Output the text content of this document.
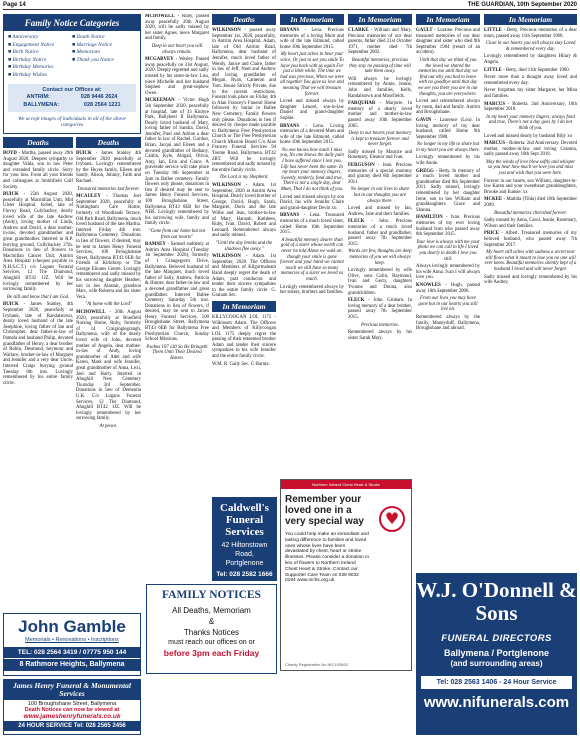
Page 14	THE GUARDIAN, 10th September 2020
Family Notice Categories
■ Anniversary
■ Engagement Notice
■ Birth Notice
■ Birthday Notice
■ Birthday Memories
■ Birthday Wishes
■ Death Notice
■ Marriage Notice
■ Memoriam
■ Thank you Notice
Contact our Offices at:
ANTRIM:	028 9446 2624
BALLYMENA:	028 2564 1221
We accept images of individuals in all of the above categories
Deaths

BOYD - Martha, passed away 29th August 2020. Deepest sympathy to daughter Valda, son in law Peter and extended family circle. Sorry for your loss. From all your friends and colleagues at Smithfield Golf Society.

BUICK - 25th August 2020, peacefully at Macmillan Unit, Mid Ulster Hospital, Isobel, late of Finvoy Road, Culybackey, dearly loved wife of the late Andrew (Andy), loving mother of Linda, Andrew and David, a dear mother-in-law, devoted grandmother and great grandmother. Interred in R.P. burying ground, Cullybackey 27th. Donations in lieu of flowers to Macmillan Cancer Unit, Antrim Area Hospital (cheques payable to N.H.S.C.T.) c/o Logans Funeral Services, 12 The Diamond, Ahoghill BT42 1JZ. Will be lovingly remembered by her sorrowing family.

Be still and know that I am God.

BUICK - James Stanley, 4th September 2020, peacefully at Ivybank, late of Randalstown, dearly loved husband of the late Josephine, loving father of Ian and Christopher, dear father-in-law of Pamela and husband Philip, devoted grandfather of Henry, a dear brother of Robin, Desmond, Seymour and Wallace, brother-in-law of Margaret and Jennifer and a very dear Uncle. Interred Craigs burying ground Tuesday 8th inst. Lovingly remembered by his entire family circle.

Deaths

BUICK - James Stanley 4th September 2020 peacefully at Ivybank. Lovingly remembered by the Hoyes family, Eileen and Sandy, Alison, Johnny, Faith and Rachael.

Treasured memories last forever.

MCAULEY - Thomas Joel September 2020, peacefully at Nottingham Care Home, formerly of Woodlands Terrace, Old Park Road, Ballymena, much loved husband of the late Martha. Interred Friday 4th inst. Ballymena Cemetery. Donations in lieu of flowers, if desired, may be sent to James Henry Funeral Services, 100 Broughshane Street, Ballymena BT43 6EB for Friends of Kirkthorp or The George Eliones Centre. Lovingly remembered and sadly missed by his sorrowing daughter Heather, son in law Alastair, grandson Marc, wife Roberta and his sister Vera.

"At home with the Lord"

MCDOWELL - 20th August 2020, peacefully at Braefield Nursing Home, Ruby, formerly of 14 Craiginglegrangh, Ballymena, wife of the dearly loved wife of John, devoted mother of Angela, dear mother-in-law of Andy, loving grandmother of Adel and wife Karen, Mark and wife Jennifer, great grandmother of Anna, Lexi, Joel and Harry. Interred in Ahoghill New Cemetery Thursday 3rd September. Donations in lieu of Dementia U.K. C/o Logans Funeral Services, 12 The Diamond, Ahoghill BT42 1JZ. Will be lovingly remembered by her sorrowing family.

At peace.

MCDOWELL - Ruby, passed away peacefully 20th August 2020, will be sadly missed by her sister Agnes, niece Margaret and family.

Deep in our heart you will always remain.

MCGARVEY - Wesley. Passed away peacefully on 31st August, 2020. Deeply regretted and sadly missed by his sister-in-law Lisa, niece Michelle and her husband Stephen and great-nephew Owen.

MCKEEMAN - Victor Hugh 5th September 2020, peacefully at hospital, late of 33 Kinlyre Park, Ballykeel II Ballymena. Dearly loved husband of Mary, loving father of Sandra, David, Jennifer, Paul and Adrian a dear father in law of Rachel, Gordon, Brian, Jacqui and Eileen and a devoted grandfather of Bethany, Caitlin, Kyle, Abigail, Olivia, Amy, Ian, Erin and Grace. A graveside service will take place on Tuesday 8th September at 2pm in Ballee cemetery. Family flowers only please, donations in lieu if desired may be sent to James Henry Funeral Services, 100 Broughshane Street, Ballymena BT43 6EB for the NHS. Lovingly remembered by his sorrowing wife, family and family circle.

"Gone from our home but not from our hearts"

RAMSEY - Samuel suddenly at Antrim Area Hospital (Tuesday 1st September 2020), formerly of 1 Grangegorm Drive, Ballymena. Beloved husband of the late Margaret, much loved father of Sally, Andrew, Patricia & Hunter, dear father-in-law and a devoted grandfather and great grandfather. Interred Ballee Cemetery Saturday 5th inst. Donations in lieu of flowers, if desired, may be sent to James Henry Funeral Services, 100 Broughshane Street, Ballymena BT43 6EB for Ballymena Free Presbyterian Church, Sunday School Missions.

Psalms 107 v30 So He Bringeth Them Unto Their Desired Haven.

Deaths

WILKINSON - passed away September 1st, 2020, peacefully, in Antrim Area Hospital, Adam, late of Old Antrim Road, Ballymena, dear husband of Jennifer, much loved father of Wendy, Janice and Claire, father in law of Jeff, Noel and Andrew and loving grandfather of Megan, Ryan, Cameron and Tom. House Strictly Private, due to the current restrictions. Funeral took place on Friday 4th in Alan Francey's Funeral Home followed by burial in Ballee New Cemetery. Family flowers only please. Donations in lieu if desired by cheque made payable to Ballymena Free Presbyterian Church or The Free Presbyterian Church Mission Board C/o Alan Francey Funeral Services 94 Toome Road, Ballymena, BT42 2BT. Will be lovingly remembered and sadly missed by the entire family circle.

The Lord is my Shepherd.

WILKINSON - Adam. 1st September, 2020 at Antrim Area Hospital. Dearly loved brother of George, David, Hugh, Sarah, Margaret, Doris and the late Willie and Jean, brother-in-law of Mary, Hannah, Kathleen, Ruby, Ivan, David, Robert and Leonard. Remembered always and sadly missed.

"Until the day breaks and the shadows flee away."

WILKINSON - Adam. 1st September, 2020. The Officers and Members of Kilgortnaleam Band deeply regret the death of Adam, past conductor. and tender their sincere sympathies to the entire family circle. G. Graham Sec.

In Memoriam

KILLYCOOGAN LOL 1175 - Wilkinson Adam. The Officers and Members of Killycoogan LOL 1175 deeply regret the passing of their esteemed brother Adam and tender their sincere sympathies to his wife Jennifer and the entire family circle.

W.M. R. Gaily Sec. G Harma.

In Memoriam

BRYANS - Lena. Precious memories of a loving Mum and wife of the late Edmund, called home 10th September 2015.

My heart just aches to hear your voice, Or just to see you smile To have you back with us again For just a little while. The time we had was precious, When we were all together You gave us love and meaning That we will treasure forever.

Loved and missed always by daughter Lenord, son-in-law Daniel and grand-daughter Sophie.

BRYANS - Lena. Loving memories of a devoted Mum and wife of the late Edmund, called home 10th September 2015.

No one knows how much I miss you, No one knows the daily pain I have suffered since I lost you, Life has never been the same. In my heart your memory lingers, Sweetly, tenderly, fond and true, There is not a single day, dear Mum, That I do not think of you.

Loved and missed always by son David, his wife Jennifer Claire and grand-daughter Devin xo.

BRYANS - Lena. Treasured memories of a much loved sister, called Home 10th September 2015.

A beautiful memory dearer than gold of a sister whose worth can never be told Alone we walk on, though your smile is gone forever and your hand we cannot touch we still have so many memories of a sister we loved so much.

Lovingly remembered always by her sisters, brothers and families.

In Memoriam

CLARKE - William and Mary. Precious memories of our dear parents, father died 21st October 1971, mother died 7th September 2002.

Beautiful memories, precious they stay no passing of time will take them away.

Will always be lovingly remembered by Annie, Jeanie, John and families, Kells, Randalstown and Moorfields.

FARQUHAR - Marjorie. In memory of a dearly loved mother and mother-in-law passed away 10th September 2005.

Deep in our hearts your memory is kept to treasure forever and never forget.

Sadly missed by Maurice and Rosemary, Eleanor and Ivan.

FERGUSON - Jean. Precious memories of a special mummy and granny died 8th September 2011.

No longer in our lives to share but in our thoughts you are always there.

Loved and missed by Ian, Andrew, Jane and their families.

FLECK - John. Precious memories of a much loved husband, father and grandfather, passed away 7th September 2015.

Words are few, thoughts are deep memories of you we will always keep.

Lovingly remembered by wife Olive, sons Colin, Raymond, Ivan and Gerry, daughters Yvonne and Donna, also grandchildren.

FLECK - John. Grubarn. In loving memory of a dear brother, passed away 7th September 2015.

Precious memories.

Remembered always by his sister Sarah Mary.

In Memoriam

GAULT - Loraine. Precious and treasured memories of our dear daughter and sister who died 9th September 1984 (result of an accident).

Until that day we think of you the loved we shared the memories too until that day we find out why you had to leave with no goodbye until that day we see you there you are in our thoughts, you are everywhere.

Loved and remembered always by mum, dad and family. Antrim and Broughshane.

GAVIN - Laurence (Lou). In loving memory of my dear husband, called Home 9th September 1988.

No longer in my life to share but in my heart you are always there.

Lovingly remembered by his wife Annie.

GREGG - Betty. In memory of a much loved mother and grandmother died 8th September 2011. Sadly missed, lovingly remembered by her daughter Irene, son in law William and granddaughters Grace and Shanna.

HAMILTON - Ivan. Precious memories of my ever loving husband Ivan who passed away 8th September 2015.

Your love is always with me your photo we can call in life I loved you dearly in death I love you still.

Always lovingly remembered by his wife Anna. Ivan I will always love you.

KNOWLES - Hugh, passed away 10th September 2006.

From our lives you may have gone but in our hearts you still live on.

Remembered always by the family, Moneyduff, Ballymena, Broughshane and abroad.

In Memoriam

LITTLE - Betty. Precious memories of a dear mum, passed away 11th September 1960.

Close in our hearts you will always stay Loved & remembered every day.

Lovingly remembered by daughters Hilary & Angela.

LITTLE - Betty, died 11th September 1960.

Never more than a thought away loved and remembered every day.

Never forgotten my sister Margaret, her Mina and families.

MARCUS - Roberta. 2nd Anniversary, 10th September 2018.

In my heart your memory lingers, always fond and true, There's not a day goes by I do not think of you.

Loved and missed dearly by husband Billy xo

MARCUS - Roberta. 2nd Anniversary. Devoted mother, mother-in-law and loving Granma, sadly passed away 10th Sept 2018.

May the winds of love blow softly and whisper so you hear how much we love you and miss you and wish that you were here.

Forever in our hearts, son William, daughter-in-law Karen and your sweetheart granddaughters, Brooke and Eunsie. xx

MCKEE - Matilda (Tilda) died 10th September 2009.

Beautiful memories cherished forever.

Sadly missed by Anna, Carol, Jeanie, Rosemary, Wilson and their families.

PRICE - Albert. Treasured memories of my beloved husband, who passed away 7th September 2017.

My heart still aches with sadness a secret tear still flows what it meant to lose you no one will ever know. Beautiful memories silently kept of a husband I loved and will never forget.

Sadly missed and lovingly remembered by his wife Audrey.

John Gamble
Memorials • Renovations • Inscriptions
TEL: 028 2564 3419 / 07775 950 144
8 Rathmore Heights, Ballymena
James Henry Funeral & Monumental Services
100 Broughshane Street, Ballymena
Death Notices can now be viewed at
www.jameshenryfunerals.co.uk
24 HOUR SERVICE Tel: 028 2565 2456
Caldwell's Funeral Services
42 Hiltonstown Road, Portglenone
Tel: 028 2582 1666
FAMILY NOTICES
All Deaths, Memoriam
&
Thanks Notices
must reach our offices on or
before 3pm each Friday
Northern Ireland Chest Heart & Stroke
Remember your loved one in a very special way	♥
You could help make an immediate and lasting difference to families and loved ones whose lives have been devastated by chest, heart or stroke illnesses. Please consider a donation in lieu of flowers to Northern Ireland Chest Heart & Stroke. Contact our Supporter Care Team on 028 9032 0184 www.nichs.org.uk
Charity Registration No NIC103593
W.J. O'Donnell & Sons
FUNERAL DIRECTORS
Ballymena / Portglenone
(and surrounding areas)
Tel: 028 2563 1406 - 24 Hour Service
www.nifunerals.com
